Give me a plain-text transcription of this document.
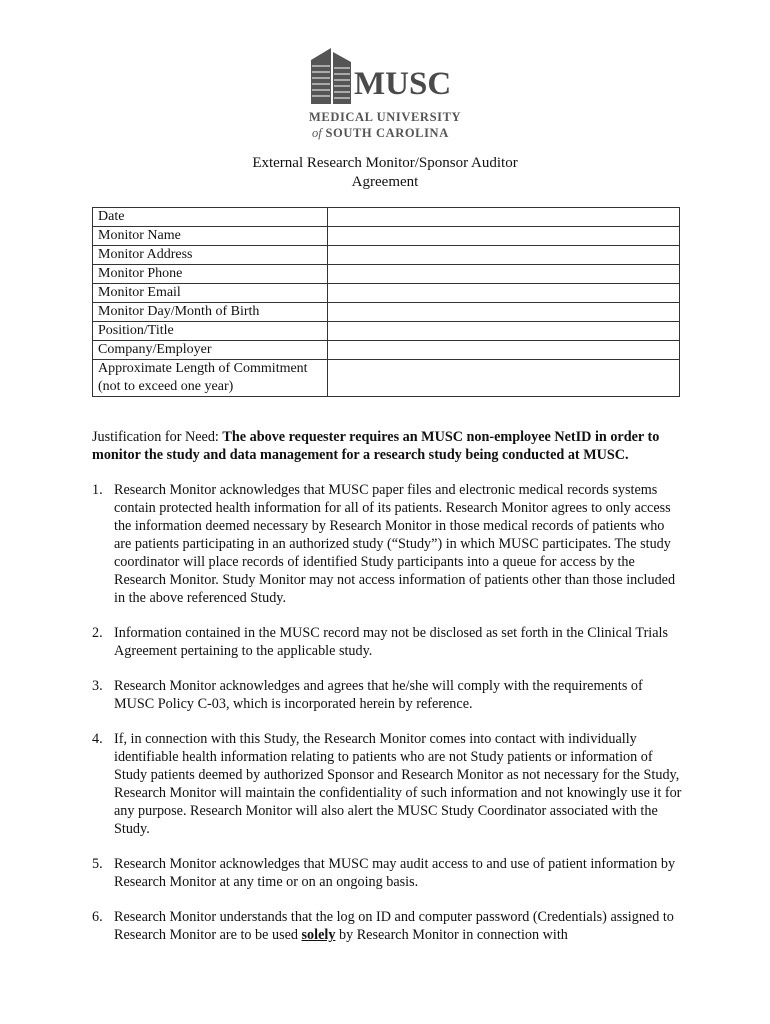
MUSC
MEDICAL UNIVERSITY
of SOUTH CAROLINA
External Research Monitor/Sponsor Auditor
Agreement
Date	
Monitor Name	
Monitor Address	
Monitor Phone	
Monitor Email	
Monitor Day/Month of Birth	
Position/Title	
Company/Employer	
Approximate Length of Commitment (not to exceed one year)	

Justification for Need: The above requester requires an MUSC non-employee NetID in order to monitor the study and data management for a research study being conducted at MUSC.

1. Research Monitor acknowledges that MUSC paper files and electronic medical records systems contain protected health information for all of its patients. Research Monitor agrees to only access the information deemed necessary by Research Monitor in those medical records of patients who are patients participating in an authorized study (“Study”) in which MUSC participates. The study coordinator will place records of identified Study participants into a queue for access by the Research Monitor. Study Monitor may not access information of patients other than those included in the above referenced Study.
2. Information contained in the MUSC record may not be disclosed as set forth in the Clinical Trials Agreement pertaining to the applicable study.
3. Research Monitor acknowledges and agrees that he/she will comply with the requirements of MUSC Policy C-03, which is incorporated herein by reference.
4. If, in connection with this Study, the Research Monitor comes into contact with individually identifiable health information relating to patients who are not Study patients or information of Study patients deemed by authorized Sponsor and Research Monitor as not necessary for the Study, Research Monitor will maintain the confidentiality of such information and not knowingly use it for any purpose. Research Monitor will also alert the MUSC Study Coordinator associated with the Study.
5. Research Monitor acknowledges that MUSC may audit access to and use of patient information by Research Monitor at any time or on an ongoing basis.
6. Research Monitor understands that the log on ID and computer password (Credentials) assigned to Research Monitor are to be used solely by Research Monitor in connection with
